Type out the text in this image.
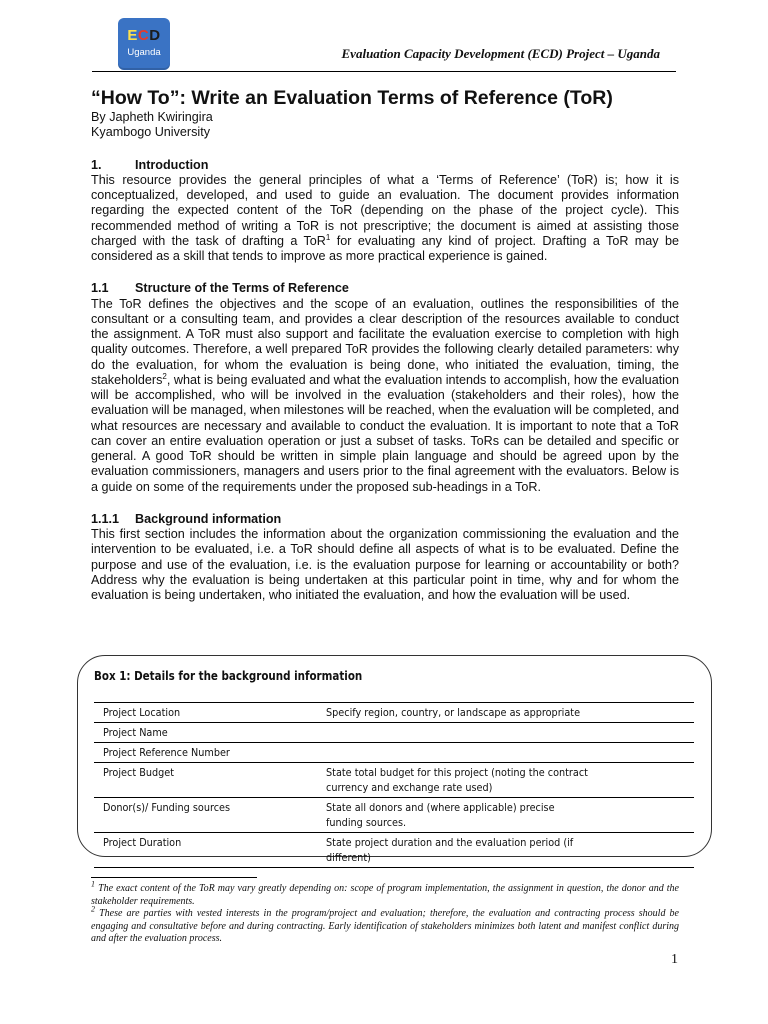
ECD
Uganda	Evaluation Capacity Development (ECD) Project – Uganda

“How To”: Write an Evaluation Terms of Reference (ToR)

By Japheth Kwiringira

Kyambogo University

1.	Introduction

This resource provides the general principles of what a ‘Terms of Reference’ (ToR) is; how it is conceptualized, developed, and used to guide an evaluation. The document provides information regarding the expected content of the ToR (depending on the phase of the project cycle). This recommended method of writing a ToR is not prescriptive; the document is aimed at assisting those charged with the task of drafting a ToR$^1$ for evaluating any kind of project. Drafting a ToR may be considered as a skill that tends to improve as more practical experience is gained.

1.1 Structure of the Terms of Reference

The ToR defines the objectives and the scope of an evaluation, outlines the responsibilities of the consultant or a consulting team, and provides a clear description of the resources available to conduct the assignment. A ToR must also support and facilitate the evaluation exercise to completion with high quality outcomes. Therefore, a well prepared ToR provides the following clearly detailed parameters: why do the evaluation, for whom the evaluation is being done, who initiated the evaluation, timing, the stakeholders$^2$, what is being evaluated and what the evaluation intends to accomplish, how the evaluation will be accomplished, who will be involved in the evaluation (stakeholders and their roles), how the evaluation will be managed, when milestones will be reached, when the evaluation will be completed, and what resources are necessary and available to conduct the evaluation. It is important to note that a ToR can cover an entire evaluation operation or just a subset of tasks. ToRs can be detailed and specific or general. A good ToR should be written in simple plain language and should be agreed upon by the evaluation commissioners, managers and users prior to the final agreement with the evaluators. Below is a guide on some of the requirements under the proposed sub-headings in a ToR.

1.1.1 Background information

This first section includes the information about the organization commissioning the evaluation and the intervention to be evaluated, i.e. a ToR should define all aspects of what is to be evaluated. Define the purpose and use of the evaluation, i.e. is the evaluation purpose for learning or accountability or both? Address why the evaluation is being undertaken at this particular point in time, why and for whom the evaluation is being undertaken, who initiated the evaluation, and how the evaluation will be used.

Box 1: Details for the background information
Project Location	Specify region, country, or landscape as appropriate
Project Name	
Project Reference Number	
Project Budget	State total budget for this project (noting the contract currency and exchange rate used)
Donor(s)/ Funding sources	State all donors and (where applicable) precise funding sources.
Project Duration	State project duration and the evaluation period (if different)

$^1$ The exact content of the ToR may vary greatly depending on: scope of program implementation, the assignment in question, the donor and the stakeholder requirements.

$^2$ These are parties with vested interests in the program/project and evaluation; therefore, the evaluation and contracting process should be engaging and consultative before and during contracting. Early identification of stakeholders minimizes both latent and manifest conflict during and after the evaluation process.

1
